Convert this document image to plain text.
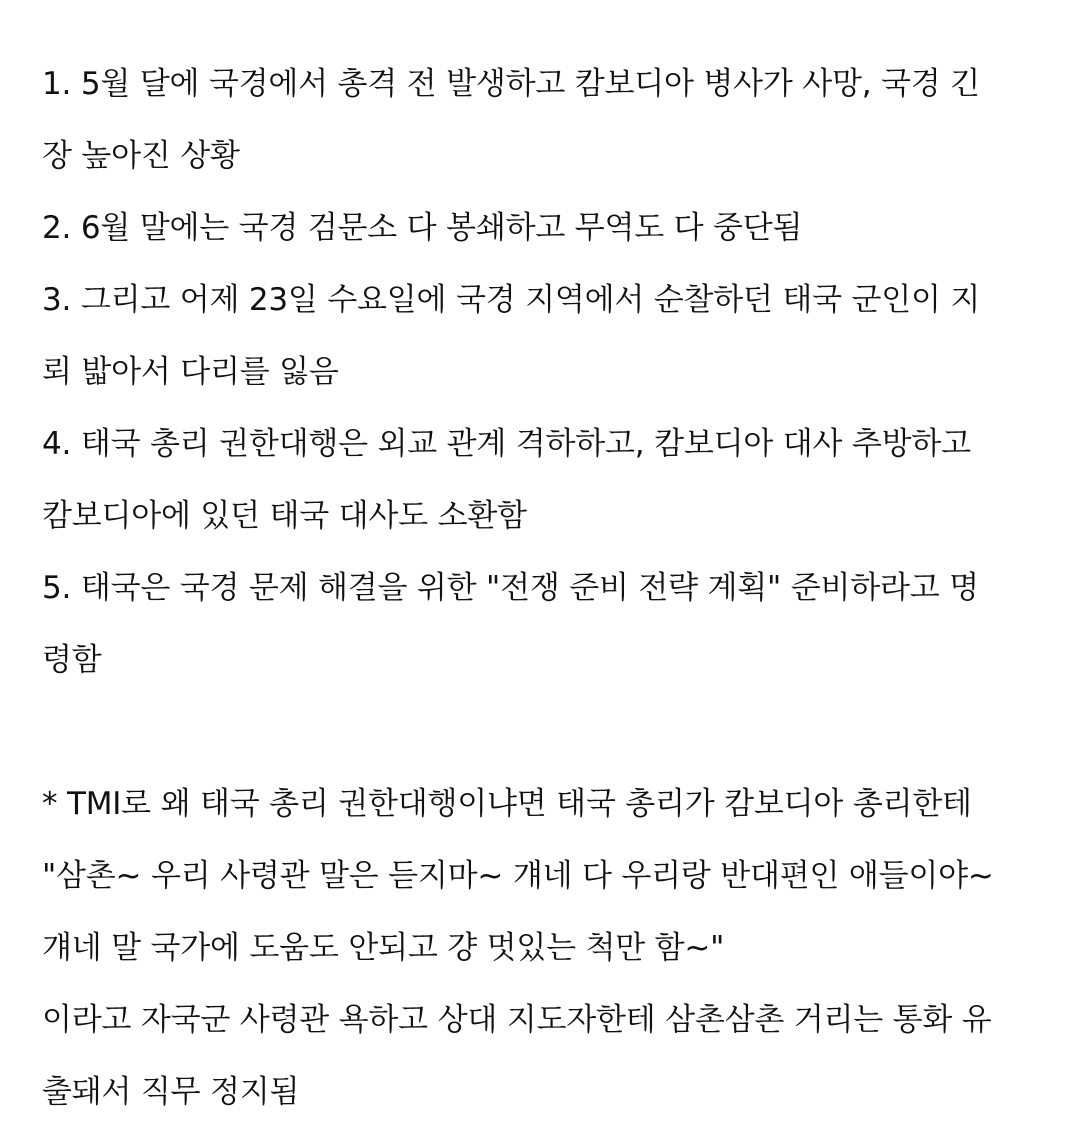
1. 5월 달에 국경에서 총격 전 발생하고 캄보디아 병사가 사망, 국경 긴
장 높아진 상황
2. 6월 말에는 국경 검문소 다 봉쇄하고 무역도 다 중단됨
3. 그리고 어제 23일 수요일에 국경 지역에서 순찰하던 태국 군인이 지
뢰 밟아서 다리를 잃음
4. 태국 총리 권한대행은 외교 관계 격하하고, 캄보디아 대사 추방하고
캄보디아에 있던 태국 대사도 소환함
5. 태국은 국경 문제 해결을 위한 "전쟁 준비 전략 계획" 준비하라고 명
령함
* TMI로 왜 태국 총리 권한대행이냐면 태국 총리가 캄보디아 총리한테
"삼촌~ 우리 사령관 말은 듣지마~ 걔네 다 우리랑 반대편인 애들이야~
걔네 말 국가에 도움도 안되고 걍 멋있는 척만 함~"
이라고 자국군 사령관 욕하고 상대 지도자한테 삼촌삼촌 거리는 통화 유
출돼서 직무 정지됨
